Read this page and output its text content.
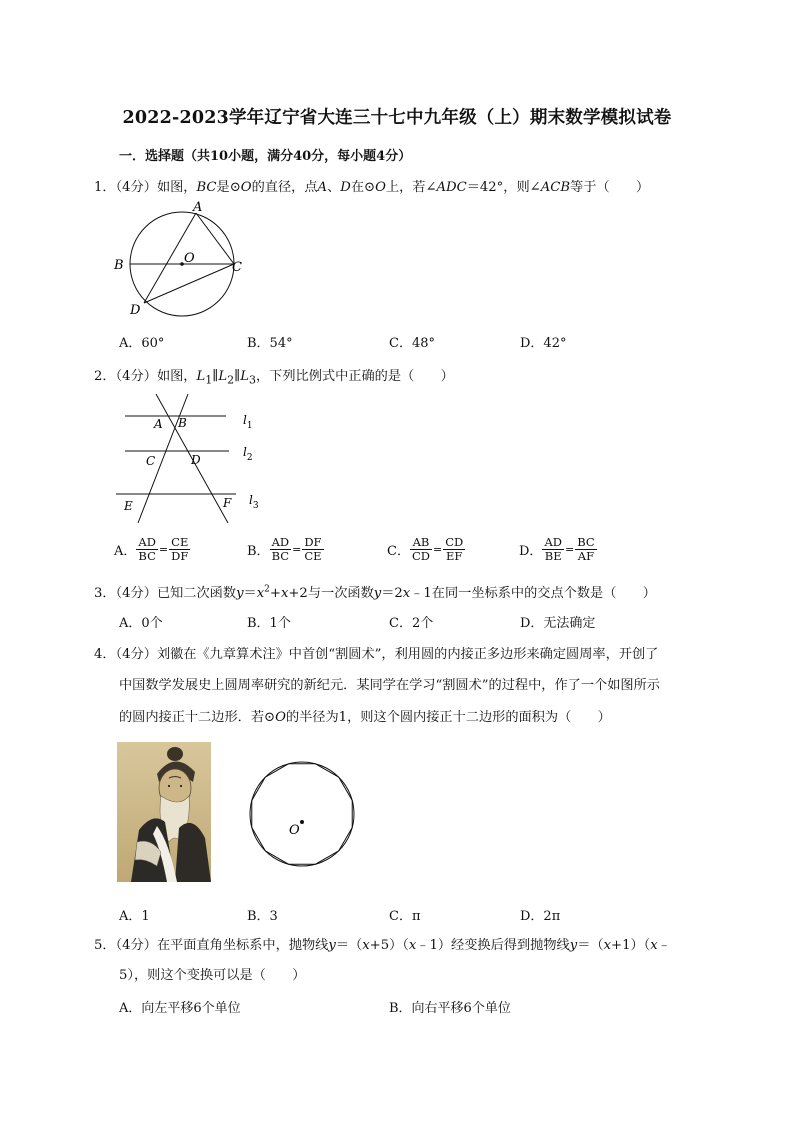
2022-2023学年辽宁省大连三十七中九年级（上）期末数学模拟试卷
一．选择题（共10小题，满分40分，每小题4分）
1．（4分）如图，BC是⊙O的直径，点A、D在⊙O上，若∠ADC＝42°，则∠ACB等于（　　）
A
B	C
D
O
A．60°	B．54°	C．48°	D．42°
2．（4分）如图，$L_1\parallel L_2\parallel L_3$，下列比例式中正确的是（　　）
$l_1$
$l_2$
$l_3$
A B
C	D
E	F
A． $\frac{AD}{BC} = \frac{CE}{DF}$	B． $\frac{AD}{BC} = \frac{DF}{CE}$	C． $\frac{AB}{CD} = \frac{CD}{EF}$	D． $\frac{AD}{BE} = \frac{BC}{AF}$
3．（4分）已知二次函数$y=x^2+x+2$与一次函数y＝2x﹣1在同一坐标系中的交点个数是（　　）
A．0个	B．1个	C．2个	D．无法确定
4．（4分）刘徽在《九章算术注》中首创“割圆术”，利用圆的内接正多边形来确定圆周率，开创了
中国数学发展史上圆周率研究的新纪元．某同学在学习“割圆术”的过程中，作了一个如图所示
的圆内接正十二边形．若⊙O的半径为1，则这个圆内接正十二边形的面积为（　　）
O
A．1	B．3	C．π	D．2π
5．（4分）在平面直角坐标系中，抛物线y＝（x+5）（x﹣1）经变换后得到抛物线y＝（x+1）（x﹣
5），则这个变换可以是（　　）
A．向左平移6个单位	B．向右平移6个单位
